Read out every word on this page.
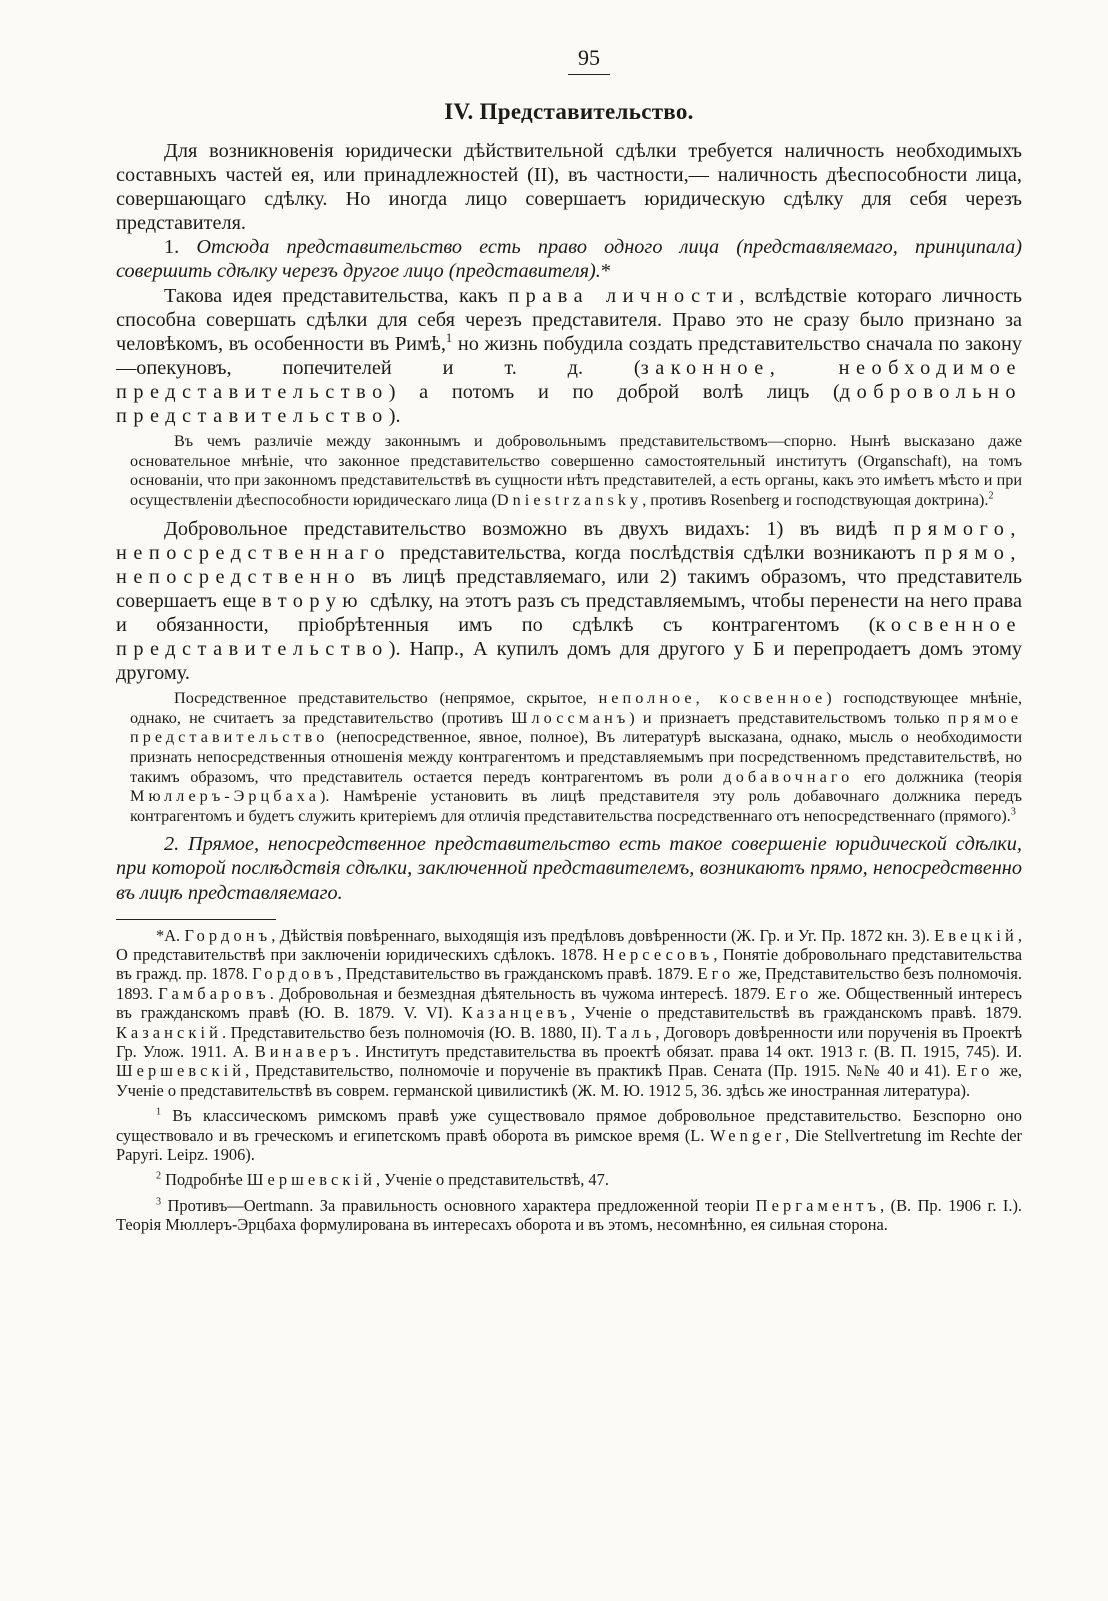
95
IV. Представительство.

Для возникновенія юридически дѣйствительной сдѣлки требуется наличность необходимыхъ составныхъ частей ея, или принадлежностей (II), въ частности,— наличность дѣеспособности лица, совершающаго сдѣлку. Но иногда лицо совершаетъ юридическую сдѣлку для себя черезъ представителя.

1. Отсюда представительство есть право одного лица (представляемаго, принципала) совершить сдѣлку черезъ другое лицо (представителя).*

Такова идея представительства, какъ права личности, вслѣдствіе котораго личность способна совершать сдѣлки для себя черезъ представителя. Право это не сразу было признано за человѣкомъ, въ особенности въ Римѣ,$^1$ но жизнь побудила создать представительство сначала по закону—опекуновъ, попечителей и т. д. (законное, необходимое представительство) а потомъ и по доброй волѣ лицъ (добровольно представительство).

Въ чемъ различіе между законнымъ и добровольнымъ представительствомъ—спорно. Нынѣ высказано даже основательное мнѣніе, что законное представительство совершенно самостоятельный институтъ (Organschaft), на томъ основаніи, что при законномъ представительствѣ въ сущности нѣтъ представителей, а есть органы, какъ это имѣетъ мѣсто и при осуществленіи дѣеспособности юридическаго лица (Dniestrzansky, противъ Rosenberg и господствующая доктрина).$^2$

Добровольное представительство возможно въ двухъ видахъ: 1) въ видѣ прямого, непосредственнаго представительства, когда послѣдствія сдѣлки возникаютъ прямо, непосредственно въ лицѣ представляемаго, или 2) такимъ образомъ, что представитель совершаетъ еще вторую сдѣлку, на этотъ разъ съ представляемымъ, чтобы перенести на него права и обязанности, пріобрѣтенныя имъ по сдѣлкѣ съ контрагентомъ (косвенное представительство). Напр., А купилъ домъ для другого у Б и перепродаетъ домъ этому другому.

Посредственное представительство (непрямое, скрытое, неполное, косвенное) господствующее мнѣніе, однако, не считаетъ за представительство (противъ Шлоссманъ) и признаетъ представительствомъ только прямое представительство (непосредственное, явное, полное), Въ литературѣ высказана, однако, мысль о необходимости признать непосредственныя отношенія между контрагентомъ и представляемымъ при посредственномъ представительствѣ, но такимъ образомъ, что представитель остается передъ контрагентомъ въ роли добавочнаго его должника (теорія Мюллеръ-Эрцбаха). Намѣреніе установить въ лицѣ представителя эту роль добавочнаго должника передъ контрагентомъ и будетъ служить критеріемъ для отличія представительства посредственнаго отъ непосредственнаго (прямого).$^3$

2. Прямое, непосредственное представительство есть такое совершеніе юридической сдѣлки, при которой послѣдствія сдѣлки, заключенной представителемъ, возникаютъ прямо, непосредственно въ лицѣ представляемаго.

*А. Гордонъ, Дѣйствія повѣреннаго, выходящія изъ предѣловъ довѣренности (Ж. Гр. и Уг. Пр. 1872 кн. 3). Евецкій, О представительствѣ при заключеніи юридическихъ сдѣлокъ. 1878. Нерсесовъ, Понятіе добровольнаго представительства въ гражд. пр. 1878. Гордовъ, Представительство въ гражданскомъ правѣ. 1879. Его же, Представительство безъ полномочія. 1893. Гамбаровъ. Добровольная и безмездная дѣятельность въ чужома интересѣ. 1879. Его же. Общественный интересъ въ гражданскомъ правѣ (Ю. В. 1879. V. VI). Казанцевъ, Ученіе о представительствѣ въ гражданскомъ правѣ. 1879. Казанскій. Представительство безъ полномочія (Ю. В. 1880, II). Таль, Договоръ довѣренности или порученія въ Проектѣ Гр. Улож. 1911. А. Винаверъ. Институтъ представительства въ проектѣ обязат. права 14 окт. 1913 г. (В. П. 1915, 745). И. Шершевскій, Представительство, полномочіе и порученіе въ практикѣ Прав. Сената (Пр. 1915. №№ 40 и 41). Его же, Ученіе о представительствѣ въ соврем. германской цивилистикѣ (Ж. М. Ю. 1912 5, 36. здѣсь же иностранная литература).

$^1$ Въ классическомъ римскомъ правѣ уже существовало прямое добровольное представительство. Безспорно оно существовало и въ греческомъ и египетскомъ правѣ оборота въ римское время (L. Wenger, Die Stellvertretung im Rechte der Papyri. Leipz. 1906).

$^2$ Подробнѣе Шершевскій, Ученіе о представительствѣ, 47.

$^3$ Противъ—Oertmann. За правильность основного характера предложенной теоріи Пергаментъ, (В. Пр. 1906 г. I.). Теорія Мюллеръ-Эрцбаха формулирована въ интересахъ оборота и въ этомъ, несомнѣнно, ея сильная сторона.
